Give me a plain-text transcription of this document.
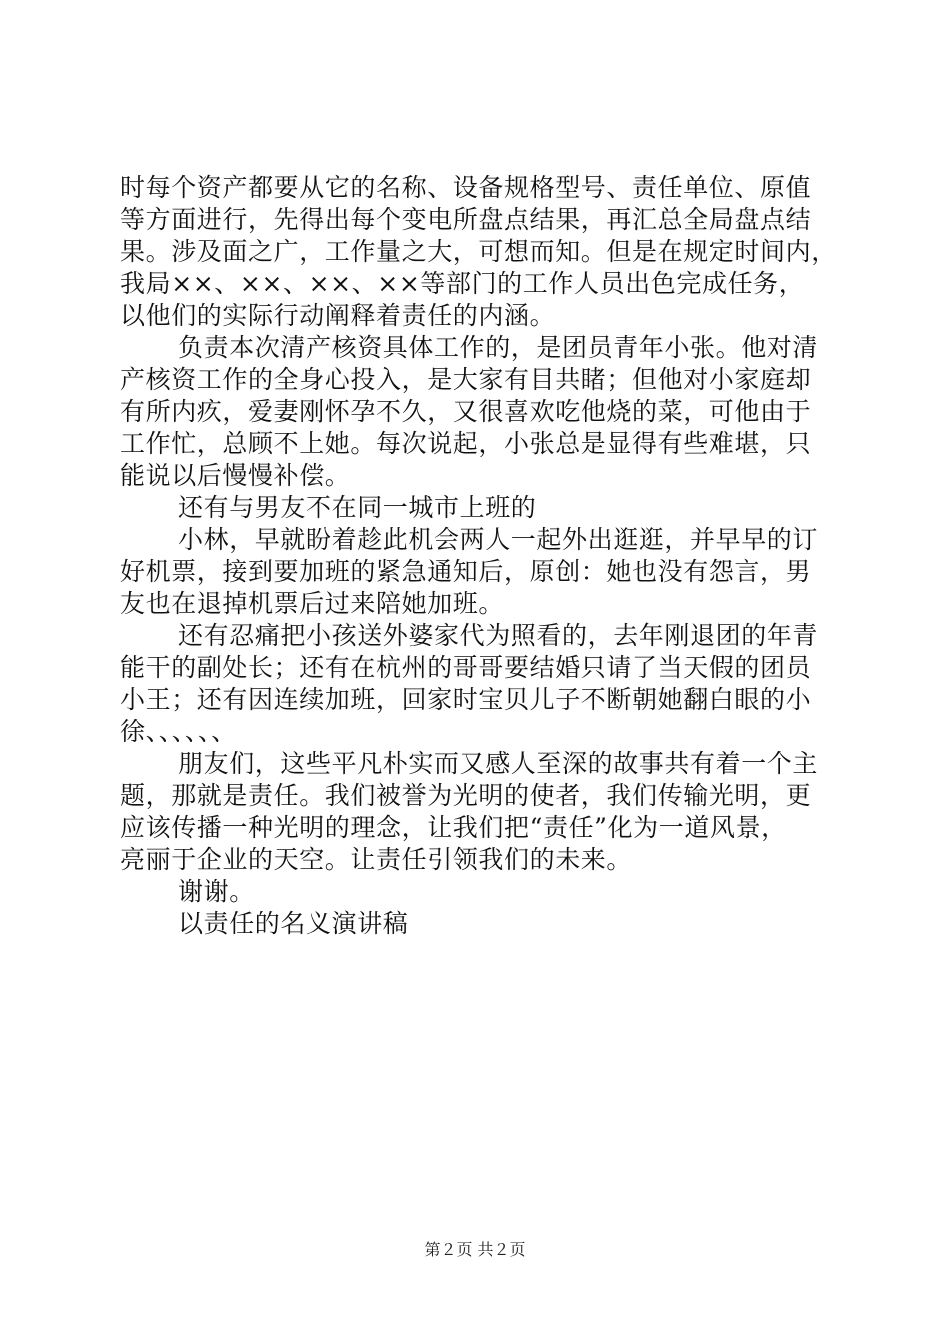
时每个资产都要从它的名称、设备规格型号、责任单位、原值
等方面进行，先得出每个变电所盘点结果，再汇总全局盘点结
果。涉及面之广，工作量之大，可想而知。但是在规定时间内，
我局××、××、××、××等部门的工作人员出色完成任务，
以他们的实际行动阐释着责任的内涵。
负责本次清产核资具体工作的，是团员青年小张。他对清
产核资工作的全身心投入，是大家有目共睹；但他对小家庭却
有所内疚，爱妻刚怀孕不久，又很喜欢吃他烧的菜，可他由于
工作忙，总顾不上她。每次说起，小张总是显得有些难堪，只
能说以后慢慢补偿。
还有与男友不在同一城市上班的
小林，早就盼着趁此机会两人一起外出逛逛，并早早的订
好机票，接到要加班的紧急通知后，原创：她也没有怨言，男
友也在退掉机票后过来陪她加班。
还有忍痛把小孩送外婆家代为照看的，去年刚退团的年青
能干的副处长；还有在杭州的哥哥要结婚只请了当天假的团员
小王；还有因连续加班，回家时宝贝儿子不断朝她翻白眼的小
徐、、、、、、
朋友们，这些平凡朴实而又感人至深的故事共有着一个主
题，那就是责任。我们被誉为光明的使者，我们传输光明，更
应该传播一种光明的理念，让我们把“责任”化为一道风景，
亮丽于企业的天空。让责任引领我们的未来。
谢谢。
以责任的名义演讲稿
第２页 共２页
